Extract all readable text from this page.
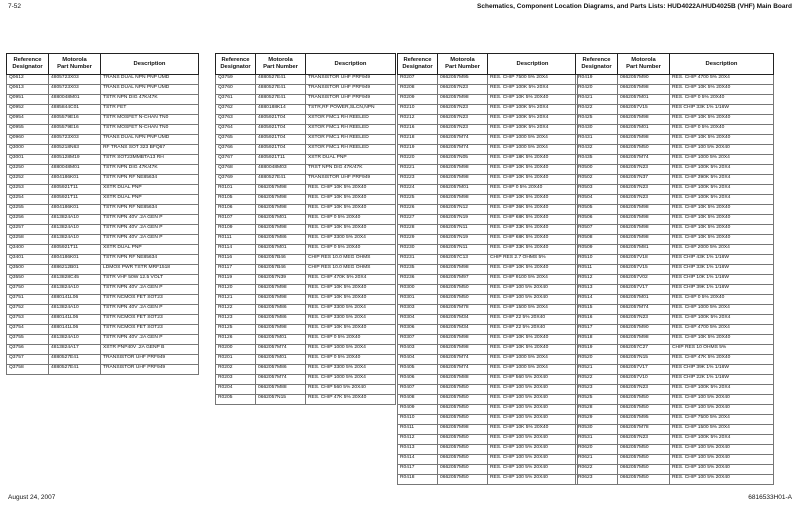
7-52	Schematics, Component Location Diagrams, and Parts Lists: HUD4022A/HUD4025B (VHF) Main Board
Reference
Designator	Motorola
Part Number	Description
Q0612	4805723X03	TRANS DUAL NPN PNP UMD
Q0613	4805723X03	TRANS DUAL NPN PNP UMD
Q0951	4880048M01	TSTR NPN DIG 47K/47K
Q0952	4885844C01	TSTR FET
Q0954	4805579E16	TSTR MOSFET N-CHAN TN0
Q0955	4805579E16	TSTR MOSFET N-CHAN TN0
Q0960	4805723X03	TRANS DUAL NPN PNP UMD
Q3000	4805218N63	RF TRANS SOT 323 BFQ67
Q3001	4805128M19	TSTR SOT23MMBTA13 RH
Q3250	4880048M01	TSTR NPN DIG 47K/47K
Q3252	4804186K01	TSTR NPN RF NE85634
Q3253	4805921T11	XSTR DUAL PNP
Q3254	4805921T11	XSTR DUAL PNP
Q3255	4804186K01	TSTR NPN RF NE85634
Q3256	4813824A10	TSTR NPN 40V .2A GEN P
Q3257	4813824A10	TSTR NPN 40V .2A GEN P
Q3258	4813824A10	TSTR NPN 40V .2A GEN P
Q3400	4805921T11	XSTR DUAL PNP
Q3401	4804186K01	TSTR NPN RF NE85634
Q3500	4886212B01	LDMOS PWR TSTR MRF1518
Q3550	4813828C45	TSTR VHF 50W 12.5 VOLT
Q3750	4813824A10	TSTR NPN 40V .2A GEN P
Q3751	4880141L06	TSTR NCMOS FET SOT23
Q3752	4813824A10	TSTR NPN 40V .2A GEN P
Q3753	4880141L06	TSTR NCMOS FET SOT23
Q3754	4880141L06	TSTR NCMOS FET SOT23
Q3755	4813824A10	TSTR NPN 40V .2A GEN P
Q3756	4813824A17	XSTR PNP40V .2A GENP B
Q3757	4880527E41	TRANSISTOR UHF PRF949
Q3758	4880527E41	TRANSISTOR UHF PRF949
Reference
Designator	Motorola
Part Number	Description
Q3759	4880527E41	TRANSISTOR UHF PRF949
Q3760	4880527E41	TRANSISTOR UHF PRF949
Q3761	4880527E41	TRANSISTOR UHF PRF949
Q3762	4880188K14	TSTR,RF POWER,SLCN,NPN
Q3763	4805921T04	XSTOR FMC1 RH REELED
Q3764	4805921T04	XSTOR FMC1 RH REELED
Q3765	4805921T04	XSTOR FMC1 RH REELED
Q3766	4805921T04	XSTOR FMC1 RH REELED
Q3767	4805921T11	XSTR DUAL PNP
Q3768	4880048M03	TRST NPN DIG 47K/47K
Q3769	4880527E41	TRANSISTOR UHF PRF949
R0101	0662057M98	RES. CHIP 10K 5% 20X40
R0105	0662057M98	RES. CHIP 10K 5% 20X40
R0106	0662057M98	RES. CHIP 10K 5% 20X40
R0107	0662057M01	RES. CHIP 0 5% 20X40
R0109	0662057M98	RES. CHIP 10K 5% 20X40
R0111	0662057M86	RES. CHIP 3300 5% 20X4
R0114	0662057M01	RES. CHIP 0 5% 20X40
R0116	0662057B46	CHIP RES 10.0 MEG OHMS
R0117	0662057B46	CHIP RES 10.0 MEG OHMS
R0119	0662057N39	RES. CHIP 470K 5% 20X4
R0120	0662057M98	RES. CHIP 10K 5% 20X40
R0121	0662057M98	RES. CHIP 10K 5% 20X40
R0122	0662057M86	RES. CHIP 3300 5% 20X4
R0123	0662057M86	RES. CHIP 3300 5% 20X4
R0125	0662057M98	RES. CHIP 10K 5% 20X40
R0126	0662057M01	RES. CHIP 0 5% 20X40
R0200	0662057M74	RES. CHIP 1000 5% 20X4
R0201	0662057M01	RES. CHIP 0 5% 20X40
R0202	0662057M86	RES. CHIP 3300 5% 20X4
R0203	0662057M74	RES. CHIP 1000 5% 20X4
R0204	0662057M88	RES. CHIP 560 5% 20X40
R0205	0662057N15	RES. CHIP 47K 5% 20X40
Reference
Designator	Motorola
Part Number	Description
R0207	0662057M95	RES. CHIP 7500 5% 20X4
R0208	0662057N23	RES. CHIP 100K 5% 20X4
R0209	0662057M98	RES. CHIP 10K 5% 20X40
R0210	0662057N23	RES. CHIP 100K 5% 20X4
R0212	0662057N23	RES. CHIP 100K 5% 20X4
R0216	0662057N23	RES. CHIP 100K 5% 20X4
R0218	0662057M74	RES. CHIP 1000 5% 20X4
R0219	0662057M74	RES. CHIP 1000 5% 20X4
R0220	0662057N05	RES. CHIP 18K 5% 20X40
R0221	0662057M98	RES. CHIP 10K 5% 20X40
R0223	0662057M98	RES. CHIP 10K 5% 20X40
R0224	0662057M01	RES. CHIP 0 5% 20X40
R0225	0662057M98	RES. CHIP 10K 5% 20X40
R0226	0662057N12	RES. CHIP 36K 5% 20X40
R0227	0662057N19	RES. CHIP 68K 5% 20X40
R0228	0662057N11	RES. CHIP 33K 5% 20X40
R0229	0662057N19	RES. CHIP 68K 5% 20X40
R0230	0662057N11	RES. CHIP 33K 5% 20X40
R0231	0662057C13	CHIP RES 2.7 OHMS 5%
R0235	0662057M98	RES. CHIP 10K 5% 20X40
R0236	0662057M97	RES. CHIP 9100 5% 20X4
R0300	0662057M50	RES. CHIP 100 5% 20X40
R0301	0662057M50	RES. CHIP 100 5% 20X40
R0303	0662057M78	RES. CHIP 1500 5% 20X4
R0304	0662057M34	RES. CHIP 22 5% 20X40
R0306	0662057M34	RES. CHIP 22 5% 20X40
R0307	0662057M98	RES. CHIP 10K 5% 20X40
R0403	0662057M98	RES. CHIP 10K 5% 20X40
R0404	0662057M74	RES. CHIP 1000 5% 20X4
R0405	0662057M74	RES. CHIP 1000 5% 20X4
R0406	0662057M88	RES. CHIP 560 5% 20X40
R0407	0662057M50	RES. CHIP 100 5% 20X40
R0408	0662057M50	RES. CHIP 100 5% 20X40
R0409	0662057M50	RES. CHIP 100 5% 20X40
R0410	0662057M50	RES. CHIP 100 5% 20X40
R0411	0662057M98	RES. CHIP 10K 5% 20X40
R0412	0662057M50	RES. CHIP 100 5% 20X40
R0413	0662057M50	RES. CHIP 100 5% 20X40
R0414	0662057M50	RES. CHIP 100 5% 20X40
R0417	0662057M50	RES. CHIP 100 5% 20X40
R0418	0662057M50	RES. CHIP 100 5% 20X40
Reference
Designator	Motorola
Part Number	Description
R0419	0662057M90	RES. CHIP 4700 5% 20X4
R0420	0662057M98	RES. CHIP 10K 5% 20X40
R0421	0662057M01	RES. CHIP 0 5% 20X40
R0422	0662057V15	RES CHIP 33K 1% 1/16W
R0425	0662057M98	RES. CHIP 10K 5% 20X40
R0430	0662057M01	RES. CHIP 0 5% 20X40
R0431	0662057M98	RES. CHIP 10K 5% 20X40
R0432	0662057M50	RES. CHIP 100 5% 20X40
R0435	0662057M74	RES. CHIP 1000 5% 20X4
R0500	0662057N23	RES. CHIP 100K 5% 20X4
R0502	0662057N37	RES. CHIP 390K 5% 20X4
R0503	0662057N23	RES. CHIP 100K 5% 20X4
R0504	0662057N23	RES. CHIP 100K 5% 20X4
R0505	0662057M98	RES. CHIP 10K 5% 20X40
R0506	0662057M98	RES. CHIP 10K 5% 20X40
R0507	0662057M98	RES. CHIP 10K 5% 20X40
R0508	0662057M98	RES. CHIP 10K 5% 20X40
R0509	0662057M81	RES. CHIP 2000 5% 20X4
R0510	0662057V18	RES CHIP 43K 1% 1/16W
R0511	0662057V15	RES CHIP 33K 1% 1/16W
R0512	0662057V02	RES CHIP 10K 1% 1/16W
R0513	0662057V17	RES CHIP 39K 1% 1/16W
R0514	0662057M01	RES. CHIP 0 5% 20X40
R0515	0662057M74	RES. CHIP 1000 5% 20X4
R0516	0662057N23	RES. CHIP 100K 5% 20X4
R0517	0662057M90	RES. CHIP 4700 5% 20X4
R0518	0662057M98	RES. CHIP 10K 5% 20X40
R0519	0662057C27	CHIP RES 10 OHMS 5%
R0520	0662057N15	RES. CHIP 47K 5% 20X40
R0521	0662057V17	RES CHIP 39K 1% 1/16W
R0522	0662057V10	RES CHIP 22K 1% 1/16W
R0523	0662057N23	RES. CHIP 100K 5% 20X4
R0525	0662057M50	RES. CHIP 100 5% 20X40
R0528	0662057M50	RES. CHIP 100 5% 20X40
R0529	0662057M95	RES. CHIP 7500 5% 20X4
R0530	0662057M78	RES. CHIP 1500 5% 20X4
R0531	0662057N23	RES. CHIP 100K 5% 20X4
R0620	0662057M50	RES. CHIP 100 5% 20X40
R0621	0662057M50	RES. CHIP 100 5% 20X40
R0622	0662057M50	RES. CHIP 100 5% 20X40
R0623	0662057M50	RES. CHIP 100 5% 20X40
August 24, 2007	6816533H01-A
